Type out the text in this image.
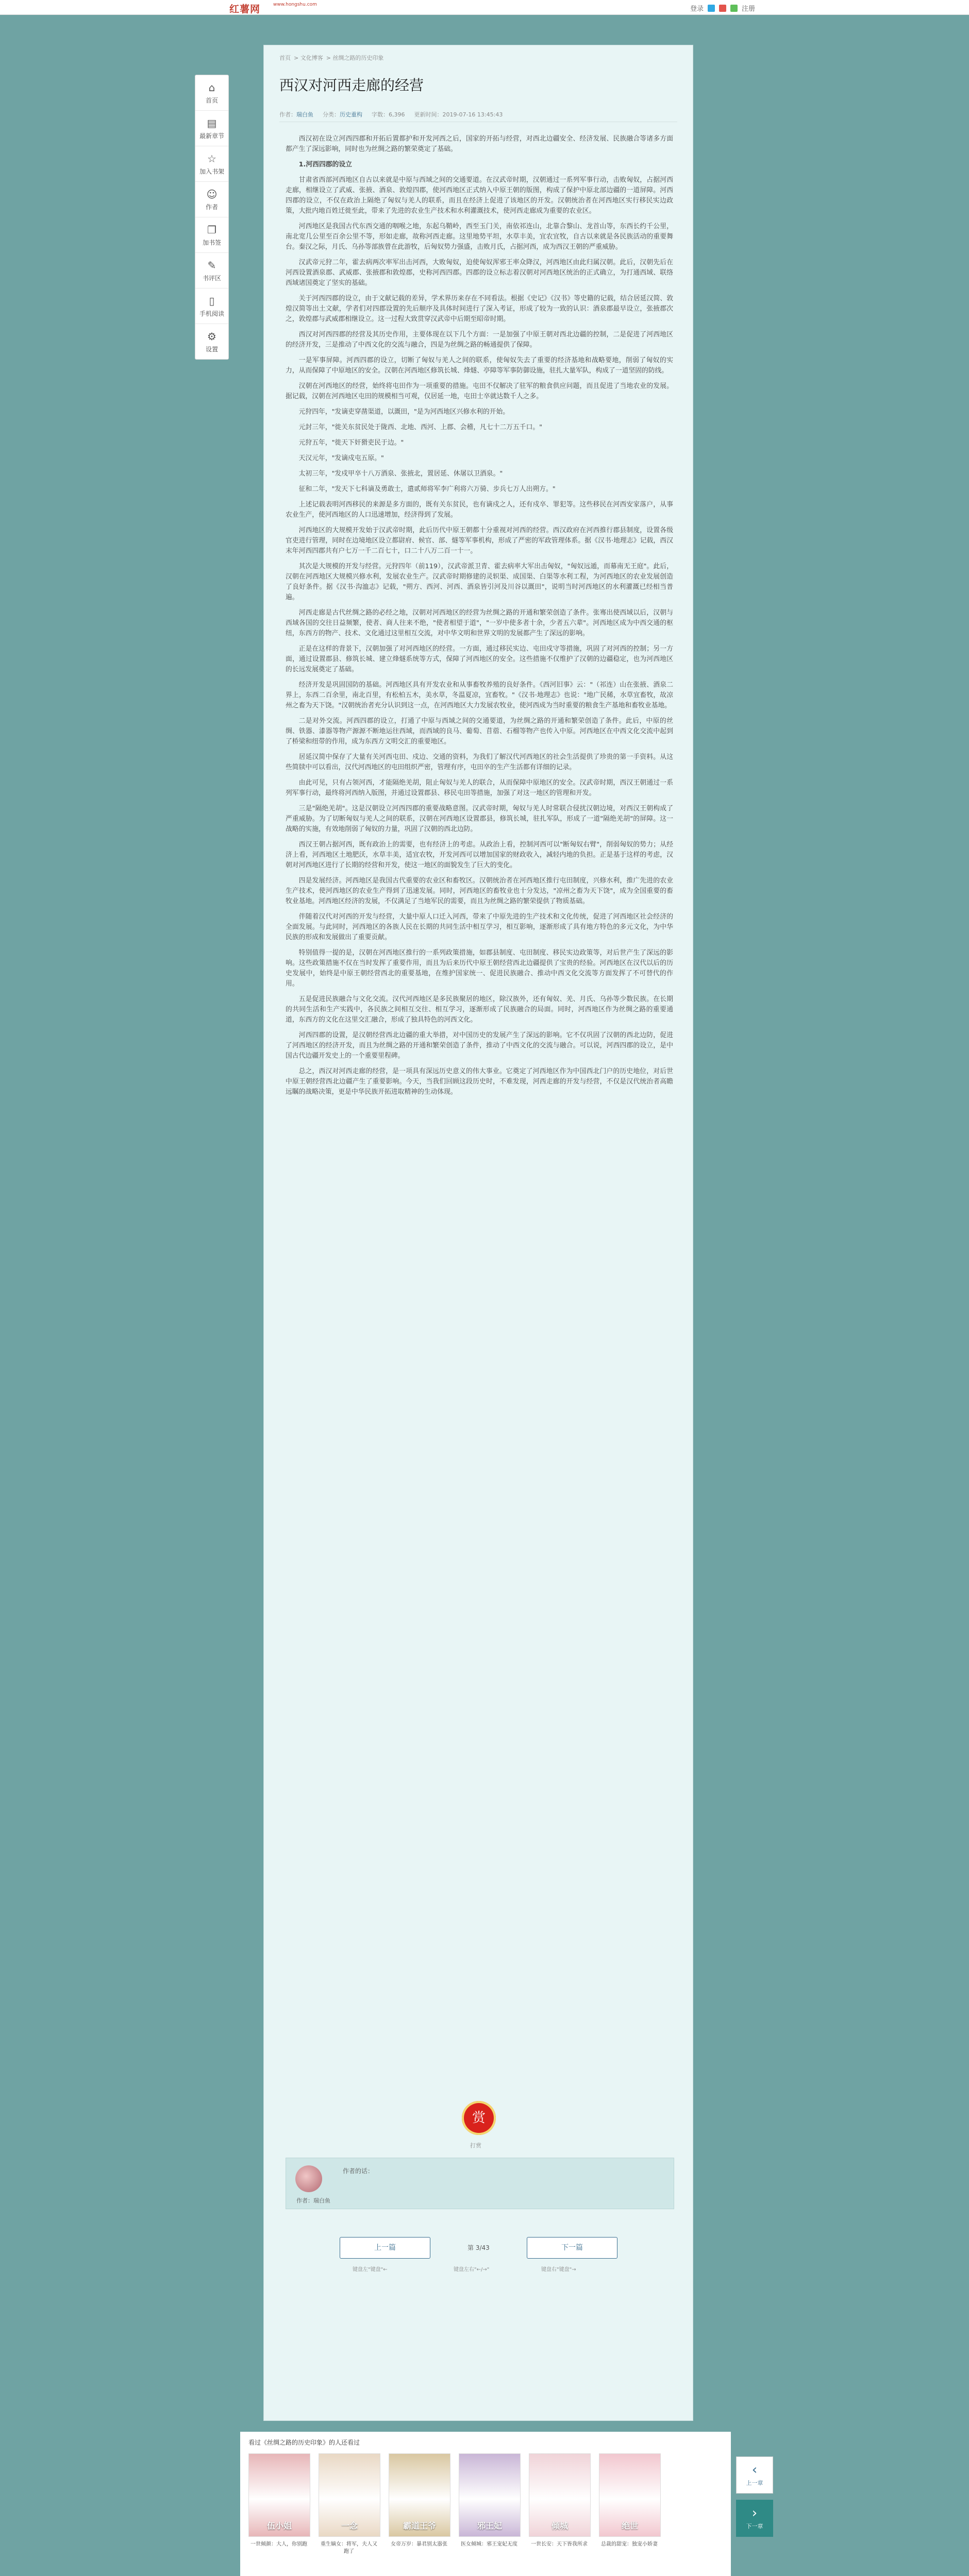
红薯网	www.hongshu.com
登录	注册
⌂
首页
▤
最新章节
☆
加入书架
☺
作者
❐
加书签
✎
书评区
▯
手机阅读
⚙
设置
首页 > 文化博客 > 丝绸之路的历史印象
西汉对河西走廊的经营
作者：瑞白鱼 分类：历史重构 字数：6,396 更新时间：2019-07-16 13:45:43

西汉初在设立河西四郡和开拓后置都护和开发河西之后，国家的开拓与经营，对西北边疆安全、经济发展、民族融合等诸多方面都产生了深远影响，同时也为丝绸之路的繁荣奠定了基础。

1.河西四郡的设立

甘肃省西部河西地区自古以来就是中原与西域之间的交通要道。在汉武帝时期，汉朝通过一系列军事行动，击败匈奴，占据河西走廊，相继设立了武威、张掖、酒泉、敦煌四郡，使河西地区正式纳入中原王朝的版图，构成了保护中原北部边疆的一道屏障。河西四郡的设立，不仅在政治上隔绝了匈奴与羌人的联系，而且在经济上促进了该地区的开发。汉朝统治者在河西地区实行移民实边政策，大批内地百姓迁徙至此，带来了先进的农业生产技术和水利灌溉技术，使河西走廊成为重要的农业区。

河西地区是我国古代东西交通的咽喉之地，东起乌鞘岭，西至玉门关，南依祁连山，北靠合黎山、龙首山等，东西长约千公里，南北宽几公里至百余公里不等，形如走廊，故称河西走廊。这里地势平坦，水草丰美，宜农宜牧，自古以来就是各民族活动的重要舞台。秦汉之际，月氏、乌孙等部族曾在此游牧，后匈奴势力强盛，击败月氏，占据河西，成为西汉王朝的严重威胁。

汉武帝元狩二年，霍去病两次率军出击河西，大败匈奴，迫使匈奴浑邪王率众降汉，河西地区由此归属汉朝。此后，汉朝先后在河西设置酒泉郡、武威郡、张掖郡和敦煌郡，史称河西四郡。四郡的设立标志着汉朝对河西地区统治的正式确立，为打通西域、联络西域诸国奠定了坚实的基础。

关于河西四郡的设立，由于文献记载的差异，学术界历来存在不同看法。根据《史记》《汉书》等史籍的记载，结合居延汉简、敦煌汉简等出土文献，学者们对四郡设置的先后顺序及具体时间进行了深入考证，形成了较为一致的认识：酒泉郡最早设立，张掖郡次之，敦煌郡与武威郡相继设立。这一过程大致贯穿汉武帝中后期至昭帝时期。

西汉对河西四郡的经营及其历史作用，主要体现在以下几个方面：一是加强了中原王朝对西北边疆的控制，二是促进了河西地区的经济开发，三是推动了中西文化的交流与融合，四是为丝绸之路的畅通提供了保障。

一是军事屏障。河西四郡的设立，切断了匈奴与羌人之间的联系，使匈奴失去了重要的经济基地和战略要地，削弱了匈奴的实力，从而保障了中原地区的安全。汉朝在河西地区修筑长城、烽燧、亭障等军事防御设施，驻扎大量军队，构成了一道坚固的防线。

汉朝在河西地区的经营，始终将屯田作为一项重要的措施。屯田不仅解决了驻军的粮食供应问题，而且促进了当地农业的发展。据记载，汉朝在河西地区屯田的规模相当可观，仅居延一地，屯田士卒就达数千人之多。

元狩四年，"发谪吏穿凿渠道，以溉田，"是为河西地区兴修水利的开始。

元封三年，"徙关东贫民处于陇西、北地、西河、上郡、会稽，凡七十二万五千口。"

元狩五年，"徙天下奸猾吏民于边。"

天汉元年，"发谪戍屯五原。"

太初三年，"发戍甲卒十八万酒泉、张掖北，置居延、休屠以卫酒泉。"

征和二年，"发天下七科谪及勇敢士，遣贰师将军李广利将六万骑、步兵七万人出朔方。"

上述记载表明河西移民的来源是多方面的，既有关东贫民，也有谪戍之人，还有戍卒、罪犯等。这些移民在河西安家落户，从事农业生产，使河西地区的人口迅速增加，经济得到了发展。

河西地区的大规模开发始于汉武帝时期，此后历代中原王朝都十分重视对河西的经营。西汉政府在河西推行郡县制度，设置各级官吏进行管理，同时在边境地区设立都尉府、候官、部、燧等军事机构，形成了严密的军政管理体系。据《汉书·地理志》记载，西汉末年河西四郡共有户七万一千二百七十，口二十八万二百一十一。

其次是大规模的开发与经营。元狩四年（前119），汉武帝派卫青、霍去病率大军出击匈奴，"匈奴远遁，而幕南无王庭"。此后，汉朝在河西地区大规模兴修水利，发展农业生产。汉武帝时期修建的灵轵渠、成国渠、白渠等水利工程，为河西地区的农业发展创造了良好条件。据《汉书·沟洫志》记载，"朔方、西河、河西、酒泉皆引河及川谷以溉田"，说明当时河西地区的水利灌溉已经相当普遍。

河西走廊是古代丝绸之路的必经之地，汉朝对河西地区的经营为丝绸之路的开通和繁荣创造了条件。张骞出使西域以后，汉朝与西域各国的交往日益频繁，使者、商人往来不绝，"使者相望于道"，"一岁中使多者十余，少者五六辈"。河西地区成为中西交通的枢纽，东西方的物产、技术、文化通过这里相互交流，对中华文明和世界文明的发展都产生了深远的影响。

正是在这样的背景下，汉朝加强了对河西地区的经营。一方面，通过移民实边、屯田戍守等措施，巩固了对河西的控制；另一方面，通过设置郡县、修筑长城、建立烽燧系统等方式，保障了河西地区的安全。这些措施不仅维护了汉朝的边疆稳定，也为河西地区的长远发展奠定了基础。

经济开发是巩固国防的基础。河西地区具有开发农业和从事畜牧养殖的良好条件。《西河旧事》云："（祁连）山在张掖、酒泉二界上，东西二百余里，南北百里，有松柏五木，美水草，冬温夏凉，宜畜牧。"《汉书·地理志》也说："地广民稀，水草宜畜牧，故凉州之畜为天下饶。"汉朝统治者充分认识到这一点，在河西地区大力发展农牧业，使河西成为当时重要的粮食生产基地和畜牧业基地。

二是对外交流。河西四郡的设立，打通了中原与西域之间的交通要道，为丝绸之路的开通和繁荣创造了条件。此后，中原的丝绸、铁器、漆器等物产源源不断地运往西域，而西域的良马、葡萄、苜蓿、石榴等物产也传入中原。河西地区在中西文化交流中起到了桥梁和纽带的作用，成为东西方文明交汇的重要地区。

居延汉简中保存了大量有关河西屯田、戍边、交通的资料，为我们了解汉代河西地区的社会生活提供了珍贵的第一手资料。从这些简牍中可以看出，汉代河西地区的屯田组织严密，管理有序，屯田卒的生产生活都有详细的记录。

由此可见，只有占领河西，才能隔绝羌胡，阻止匈奴与羌人的联合，从而保障中原地区的安全。汉武帝时期，西汉王朝通过一系列军事行动，最终将河西纳入版图，并通过设置郡县、移民屯田等措施，加强了对这一地区的管理和开发。

三是"隔绝羌胡"。这是汉朝设立河西四郡的重要战略意图。汉武帝时期，匈奴与羌人时常联合侵扰汉朝边境，对西汉王朝构成了严重威胁。为了切断匈奴与羌人之间的联系，汉朝在河西地区设置郡县，修筑长城，驻扎军队，形成了一道"隔绝羌胡"的屏障。这一战略的实施，有效地削弱了匈奴的力量，巩固了汉朝的西北边防。

西汉王朝占据河西，既有政治上的需要，也有经济上的考虑。从政治上看，控制河西可以"断匈奴右臂"，削弱匈奴的势力；从经济上看，河西地区土地肥沃，水草丰美，适宜农牧，开发河西可以增加国家的财政收入，减轻内地的负担。正是基于这样的考虑，汉朝对河西地区进行了长期的经营和开发，使这一地区的面貌发生了巨大的变化。

四是发展经济。河西地区是我国古代重要的农业区和畜牧区。汉朝统治者在河西地区推行屯田制度，兴修水利，推广先进的农业生产技术，使河西地区的农业生产得到了迅速发展。同时，河西地区的畜牧业也十分发达，"凉州之畜为天下饶"，成为全国重要的畜牧业基地。河西地区经济的发展，不仅满足了当地军民的需要，而且为丝绸之路的繁荣提供了物质基础。

伴随着汉代对河西的开发与经营，大量中原人口迁入河西，带来了中原先进的生产技术和文化传统，促进了河西地区社会经济的全面发展。与此同时，河西地区的各族人民在长期的共同生活中相互学习，相互影响，逐渐形成了具有地方特色的多元文化，为中华民族的形成和发展做出了重要贡献。

特别值得一提的是，汉朝在河西地区推行的一系列政策措施，如郡县制度、屯田制度、移民实边政策等，对后世产生了深远的影响。这些政策措施不仅在当时发挥了重要作用，而且为后来历代中原王朝经营西北边疆提供了宝贵的经验。河西地区在汉代以后的历史发展中，始终是中原王朝经营西北的重要基地，在维护国家统一、促进民族融合、推动中西文化交流等方面发挥了不可替代的作用。

五是促进民族融合与文化交流。汉代河西地区是多民族聚居的地区，除汉族外，还有匈奴、羌、月氏、乌孙等少数民族。在长期的共同生活和生产实践中，各民族之间相互交往、相互学习，逐渐形成了民族融合的局面。同时，河西地区作为丝绸之路的重要通道，东西方的文化在这里交汇融合，形成了独具特色的河西文化。

河西四郡的设置，是汉朝经营西北边疆的重大举措，对中国历史的发展产生了深远的影响。它不仅巩固了汉朝的西北边防，促进了河西地区的经济开发，而且为丝绸之路的开通和繁荣创造了条件，推动了中西文化的交流与融合。可以说，河西四郡的设立，是中国古代边疆开发史上的一个重要里程碑。

总之，西汉对河西走廊的经营，是一项具有深远历史意义的伟大事业。它奠定了河西地区作为中国西北门户的历史地位，对后世中原王朝经营西北边疆产生了重要影响。今天，当我们回顾这段历史时，不难发现，河西走廊的开发与经营，不仅是汉代统治者高瞻远瞩的战略决策，更是中华民族开拓进取精神的生动体现。

赏
打赏
作者：瑞白鱼
作者的话：
上一篇	第 3/43	下一篇
键盘左"键盘"←	键盘左右"←/→"	键盘右"键盘"→
看过《丝绸之路的历史印象》的人还看过
伍小姐
一世倾颜：大人，你别跑
一念
重生嫡女：将军，夫人又跑了
霸道王爷
女帝万岁：暴君别太嚣张
邪王妃
医女倾城：邪王宠妃无度
倾城
一世长安：天下皆我所求
绝世
总裁的甜宠：独宠小娇妻
‹
上一章
›
下一章
